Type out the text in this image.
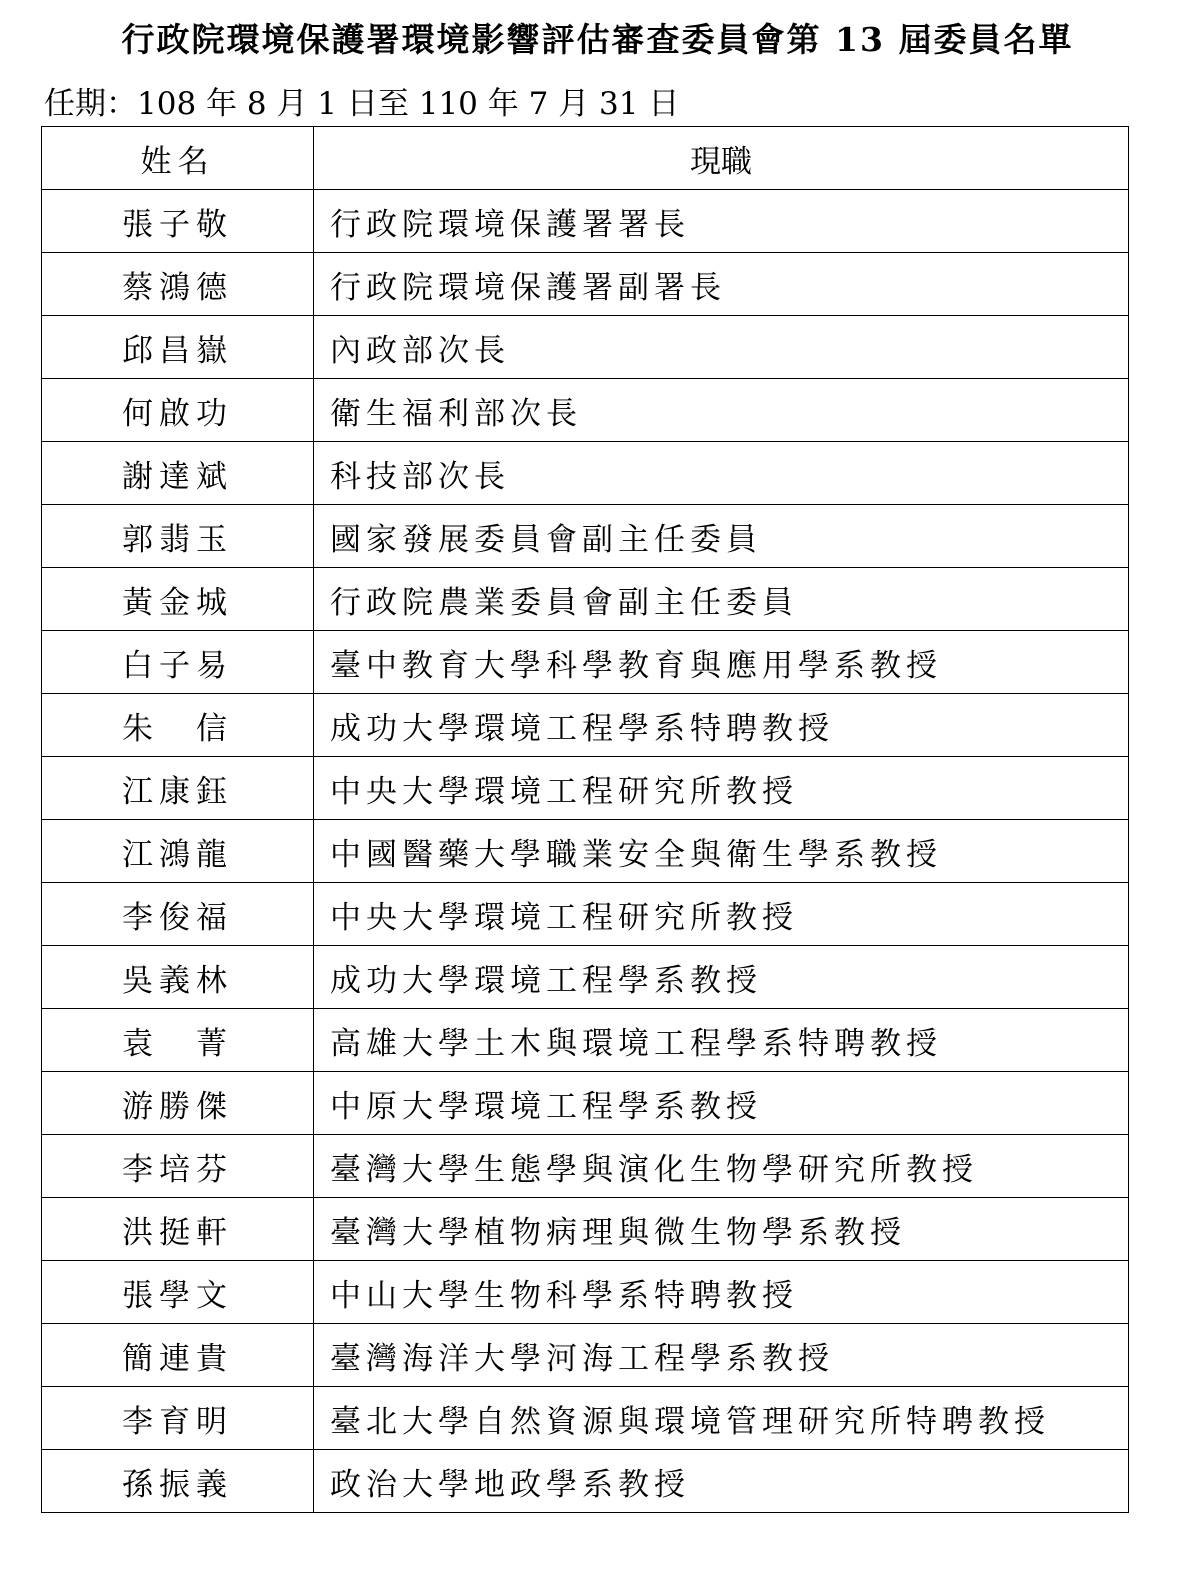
行政院環境保護署環境影響評估審查委員會第 13 屆委員名單
任期：108 年 8 月 1 日至 110 年 7 月 31 日
姓名	現職
張子敬	行政院環境保護署署長
蔡鴻德	行政院環境保護署副署長
邱昌嶽	內政部次長
何啟功	衛生福利部次長
謝達斌	科技部次長
郭翡玉	國家發展委員會副主任委員
黃金城	行政院農業委員會副主任委員
白子易	臺中教育大學科學教育與應用學系教授
朱　信	成功大學環境工程學系特聘教授
江康鈺	中央大學環境工程研究所教授
江鴻龍	中國醫藥大學職業安全與衛生學系教授
李俊福	中央大學環境工程研究所教授
吳義林	成功大學環境工程學系教授
袁　菁	高雄大學土木與環境工程學系特聘教授
游勝傑	中原大學環境工程學系教授
李培芬	臺灣大學生態學與演化生物學研究所教授
洪挺軒	臺灣大學植物病理與微生物學系教授
張學文	中山大學生物科學系特聘教授
簡連貴	臺灣海洋大學河海工程學系教授
李育明	臺北大學自然資源與環境管理研究所特聘教授
孫振義	政治大學地政學系教授
